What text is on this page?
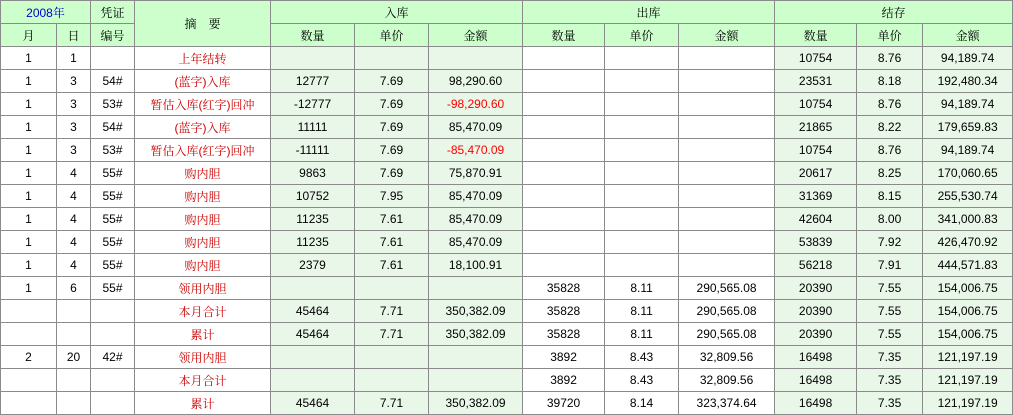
2008年		凭证	摘　要	入库			出库			结存		
月	日	编号		数量	单价	金额	数量	单价	金额	数量	单价	金额
1	1		上年结转							10754	8.76	94,189.74
1	3	54#	(蓝字)入库	12777	7.69	98,290.60				23531	8.18	192,480.34
1	3	53#	暂估入库(红字)回冲	-12777	7.69	-98,290.60				10754	8.76	94,189.74
1	3	54#	(蓝字)入库	11111	7.69	85,470.09				21865	8.22	179,659.83
1	3	53#	暂估入库(红字)回冲	-11111	7.69	-85,470.09				10754	8.76	94,189.74
1	4	55#	购内胆	9863	7.69	75,870.91				20617	8.25	170,060.65
1	4	55#	购内胆	10752	7.95	85,470.09				31369	8.15	255,530.74
1	4	55#	购内胆	11235	7.61	85,470.09				42604	8.00	341,000.83
1	4	55#	购内胆	11235	7.61	85,470.09				53839	7.92	426,470.92
1	4	55#	购内胆	2379	7.61	18,100.91				56218	7.91	444,571.83
1	6	55#	领用内胆				35828	8.11	290,565.08	20390	7.55	154,006.75
			本月合计	45464	7.71	350,382.09	35828	8.11	290,565.08	20390	7.55	154,006.75
			累计	45464	7.71	350,382.09	35828	8.11	290,565.08	20390	7.55	154,006.75
2	20	42#	领用内胆				3892	8.43	32,809.56	16498	7.35	121,197.19
			本月合计				3892	8.43	32,809.56	16498	7.35	121,197.19
			累计	45464	7.71	350,382.09	39720	8.14	323,374.64	16498	7.35	121,197.19
